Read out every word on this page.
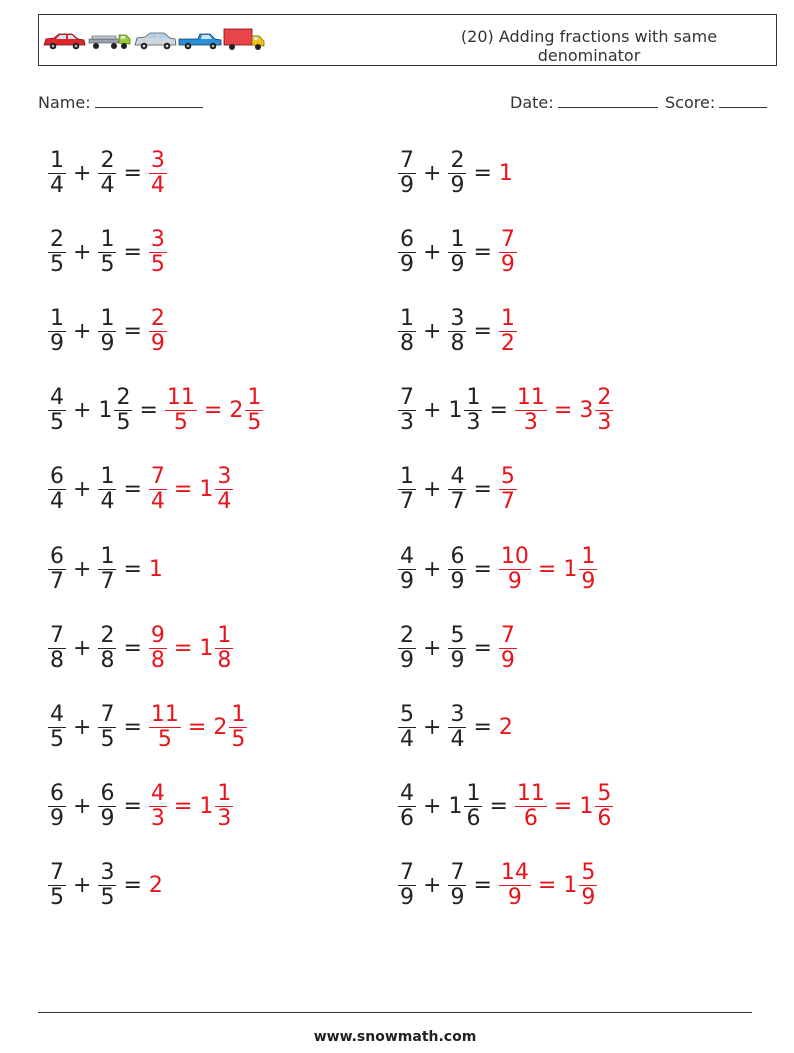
(20) Adding fractions with same
denominator
Name:	Date:	Score:
$\frac{1}{4} + \frac{2}{4} = \frac{3}{4}$	$\frac{7}{9} + \frac{2}{9} = 1$
$\frac{2}{5} + \frac{1}{5} = \frac{3}{5}$	$\frac{6}{9} + \frac{1}{9} = \frac{7}{9}$
$\frac{1}{9} + \frac{1}{9} = \frac{2}{9}$	$\frac{1}{8} + \frac{3}{8} = \frac{1}{2}$
$\frac{4}{5} + 1 \frac{2}{5} = \frac{11}{5} = 2 \frac{1}{5}$	$\frac{7}{3} + 1 \frac{1}{3} = \frac{11}{3} = 3 \frac{2}{3}$
$\frac{6}{4} + \frac{1}{4} = \frac{7}{4} = 1 \frac{3}{4}$	$\frac{1}{7} + \frac{4}{7} = \frac{5}{7}$
$\frac{6}{7} + \frac{1}{7} = 1$	$\frac{4}{9} + \frac{6}{9} = \frac{10}{9} = 1 \frac{1}{9}$
$\frac{7}{8} + \frac{2}{8} = \frac{9}{8} = 1 \frac{1}{8}$	$\frac{2}{9} + \frac{5}{9} = \frac{7}{9}$
$\frac{4}{5} + \frac{7}{5} = \frac{11}{5} = 2 \frac{1}{5}$	$\frac{5}{4} + \frac{3}{4} = 2$
$\frac{6}{9} + \frac{6}{9} = \frac{4}{3} = 1 \frac{1}{3}$	$\frac{4}{6} + 1 \frac{1}{6} = \frac{11}{6} = 1 \frac{5}{6}$
$\frac{7}{5} + \frac{3}{5} = 2$	$\frac{7}{9} + \frac{7}{9} = \frac{14}{9} = 1 \frac{5}{9}$
www.snowmath.com
